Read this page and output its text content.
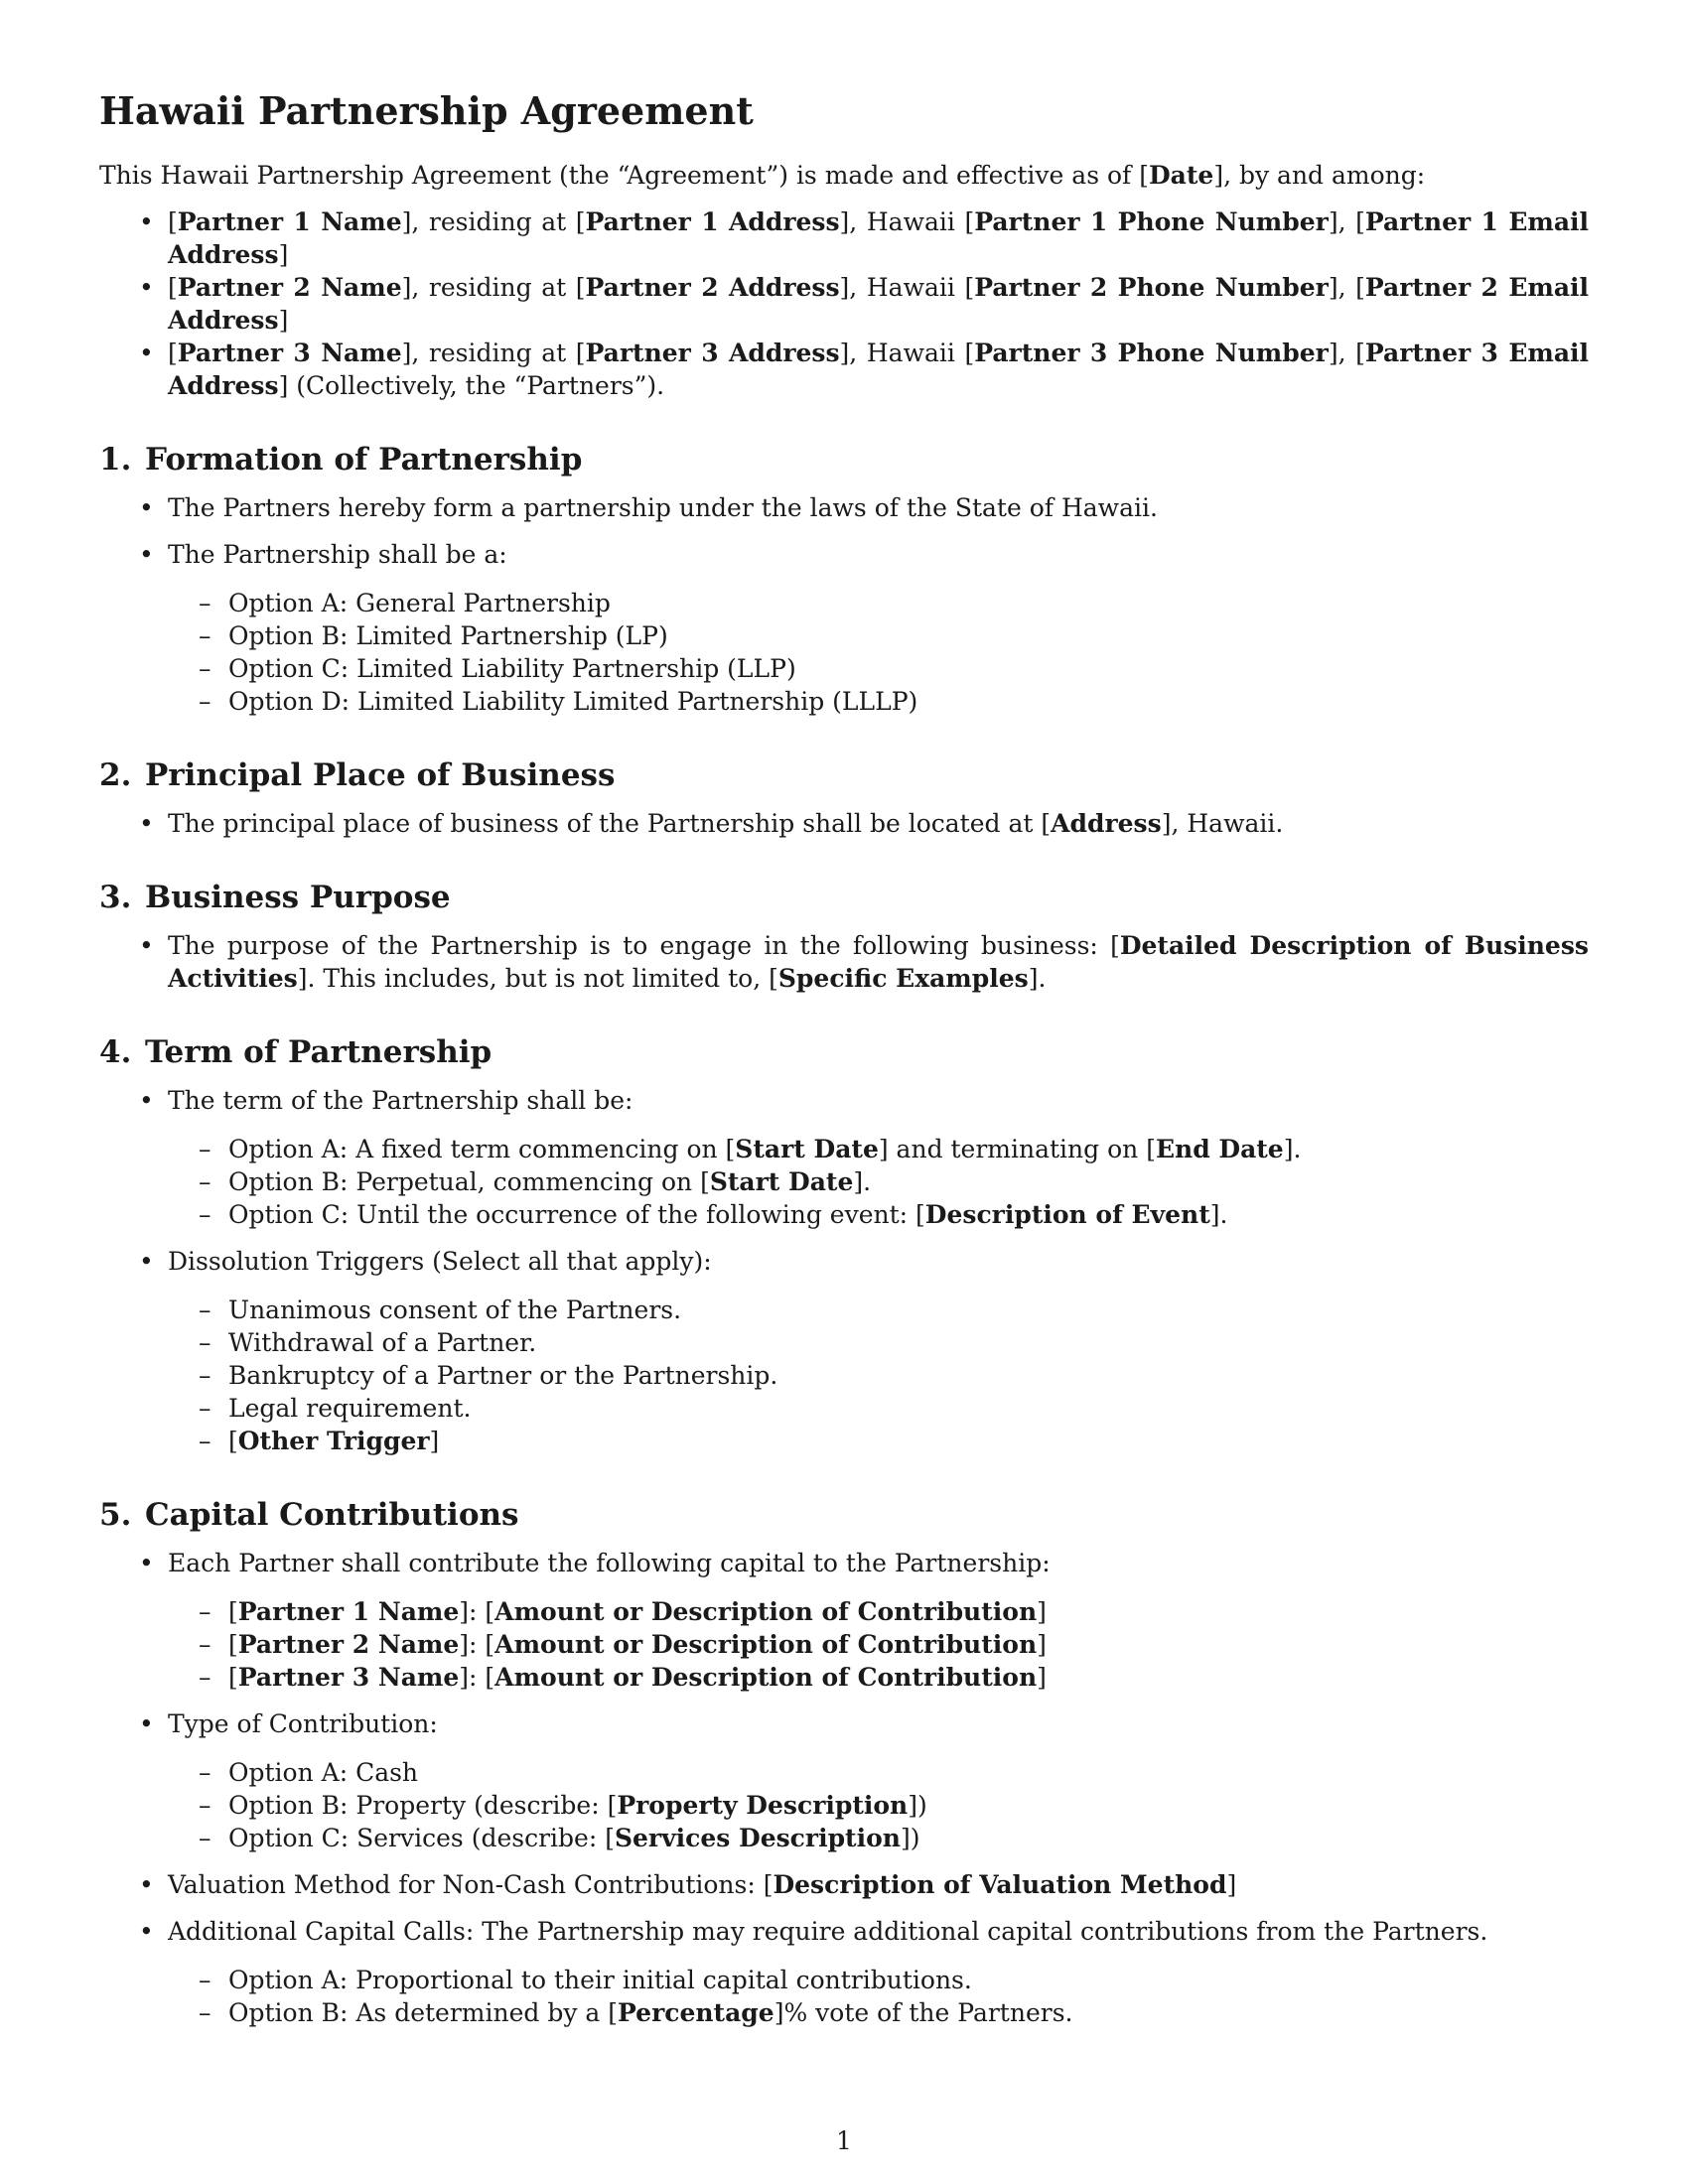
Hawaii Partnership Agreement

This Hawaii Partnership Agreement (the “Agreement”) is made and effective as of [Date], by and among:

• [Partner 1 Name], residing at [Partner 1 Address], Hawaii [Partner 1 Phone Number], [Partner 1 Email Address]
• [Partner 2 Name], residing at [Partner 2 Address], Hawaii [Partner 2 Phone Number], [Partner 2 Email Address]
• [Partner 3 Name], residing at [Partner 3 Address], Hawaii [Partner 3 Phone Number], [Partner 3 Email Address] (Collectively, the “Partners”).
1. Formation of Partnership
• The Partners hereby form a partnership under the laws of the State of Hawaii.
• The Partnership shall be a:
– Option A: General Partnership
– Option B: Limited Partnership (LP)
– Option C: Limited Liability Partnership (LLP)
– Option D: Limited Liability Limited Partnership (LLLP)
2. Principal Place of Business
• The principal place of business of the Partnership shall be located at [Address], Hawaii.
3. Business Purpose
• The purpose of the Partnership is to engage in the following business: [Detailed Description of Business Activities]. This includes, but is not limited to, [Specific Examples].
4. Term of Partnership
• The term of the Partnership shall be:
– Option A: A fixed term commencing on [Start Date] and terminating on [End Date].
– Option B: Perpetual, commencing on [Start Date].
– Option C: Until the occurrence of the following event: [Description of Event].
• Dissolution Triggers (Select all that apply):
– Unanimous consent of the Partners.
– Withdrawal of a Partner.
– Bankruptcy of a Partner or the Partnership.
– Legal requirement.
– [Other Trigger]
5. Capital Contributions
• Each Partner shall contribute the following capital to the Partnership:
– [Partner 1 Name]: [Amount or Description of Contribution]
– [Partner 2 Name]: [Amount or Description of Contribution]
– [Partner 3 Name]: [Amount or Description of Contribution]
• Type of Contribution:
– Option A: Cash
– Option B: Property (describe: [Property Description])
– Option C: Services (describe: [Services Description])
• Valuation Method for Non-Cash Contributions: [Description of Valuation Method]
• Additional Capital Calls: The Partnership may require additional capital contributions from the Partners.
– Option A: Proportional to their initial capital contributions.
– Option B: As determined by a [Percentage]% vote of the Partners.
1
